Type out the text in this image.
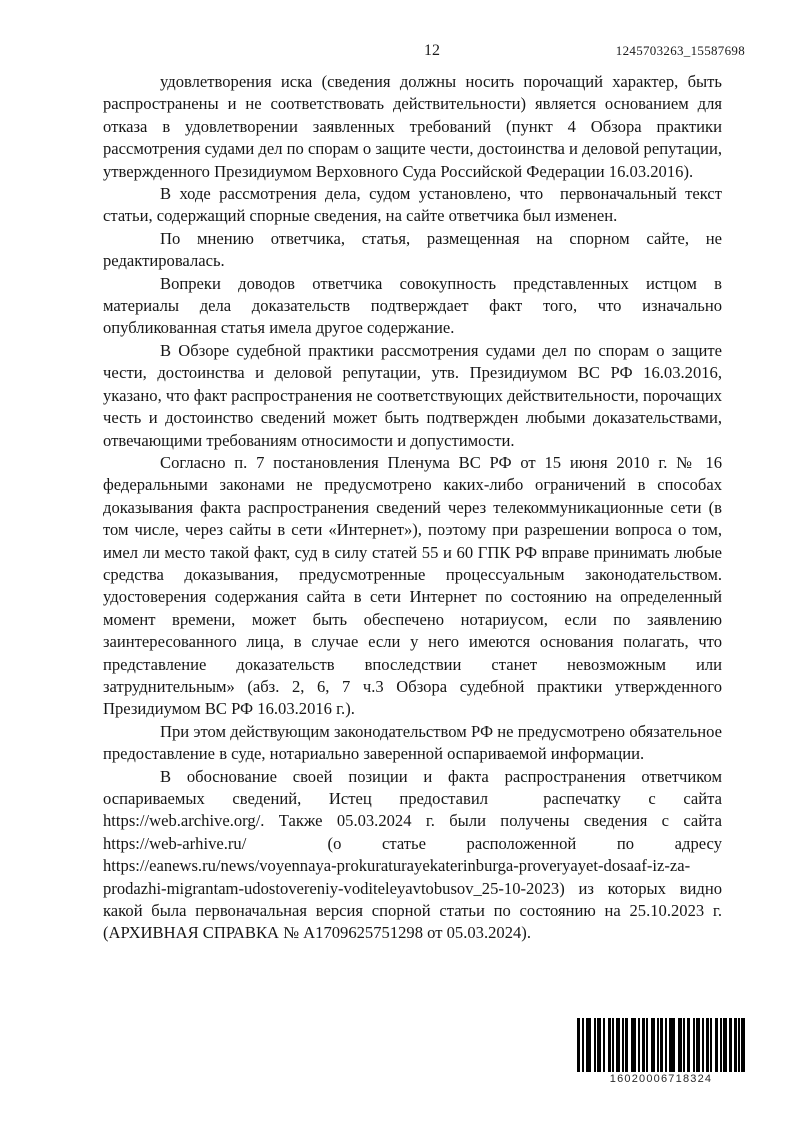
12	1245703263_15587698

удовлетворения иска (сведения должны носить порочащий характер, быть распространены и не соответствовать действительности) является основанием для отказа в удовлетворении заявленных требований (пункт 4 Обзора практики рассмотрения судами дел по спорам о защите чести, достоинства и деловой репутации, утвержденного Президиумом Верховного Суда Российской Федерации 16.03.2016).

В ходе рассмотрения дела, судом установлено, что  первоначальный текст статьи, содержащий спорные сведения, на сайте ответчика был изменен.

По мнению ответчика, статья, размещенная на спорном сайте, не редактировалась.

Вопреки доводов ответчика совокупность представленных истцом в материалы дела доказательств подтверждает факт того, что изначально опубликованная статья имела другое содержание.

В Обзоре судебной практики рассмотрения судами дел по спорам о защите чести, достоинства и деловой репутации, утв. Президиумом ВС РФ 16.03.2016,   указано, что факт распространения не соответствующих действительности, порочащих честь и достоинство сведений может быть подтвержден любыми доказательствами, отвечающими требованиям относимости и допустимости.

Согласно п. 7 постановления Пленума ВС РФ от 15 июня 2010 г. № 16 федеральными законами не предусмотрено каких-либо ограничений в способах доказывания факта распространения сведений через телекоммуникационные сети (в том числе, через сайты в сети «Интернет»), поэтому при разрешении вопроса о том, имел ли место такой факт, суд в силу статей 55 и 60 ГПК РФ вправе принимать любые средства доказывания, предусмотренные процессуальным законодательством. удостоверения содержания сайта в сети Интернет по состоянию на определенный момент времени, может быть обеспечено нотариусом, если по заявлению заинтересованного лица, в случае если у него имеются основания полагать, что представление доказательств впоследствии станет невозможным или затруднительным» (абз. 2, 6, 7 ч.3 Обзора судебной практики утвержденного Президиумом ВС РФ 16.03.2016 г.).

При этом действующим законодательством РФ не предусмотрено обязательное предоставление в суде, нотариально заверенной оспариваемой информации.

В обоснование своей позиции и факта распространения ответчиком оспариваемых сведений, Истец предоставил  распечатку с сайта https://web.archive.org/. Также 05.03.2024 г. были получены сведения с сайта https://web-arhive.ru/  (о статье расположенной по адресу https://eanews.ru/news/voyennaya-prokuraturayekaterinburga-proveryayet-dosaaf-iz-za-prodazhi-migrantam-udostovereniy-voditeleyavtobusov_25-10-2023) из которых видно какой была первоначальная версия спорной статьи по состоянию на 25.10.2023 г. (АРХИВНАЯ СПРАВКА № А1709625751298 от 05.03.2024).

16020006718324
